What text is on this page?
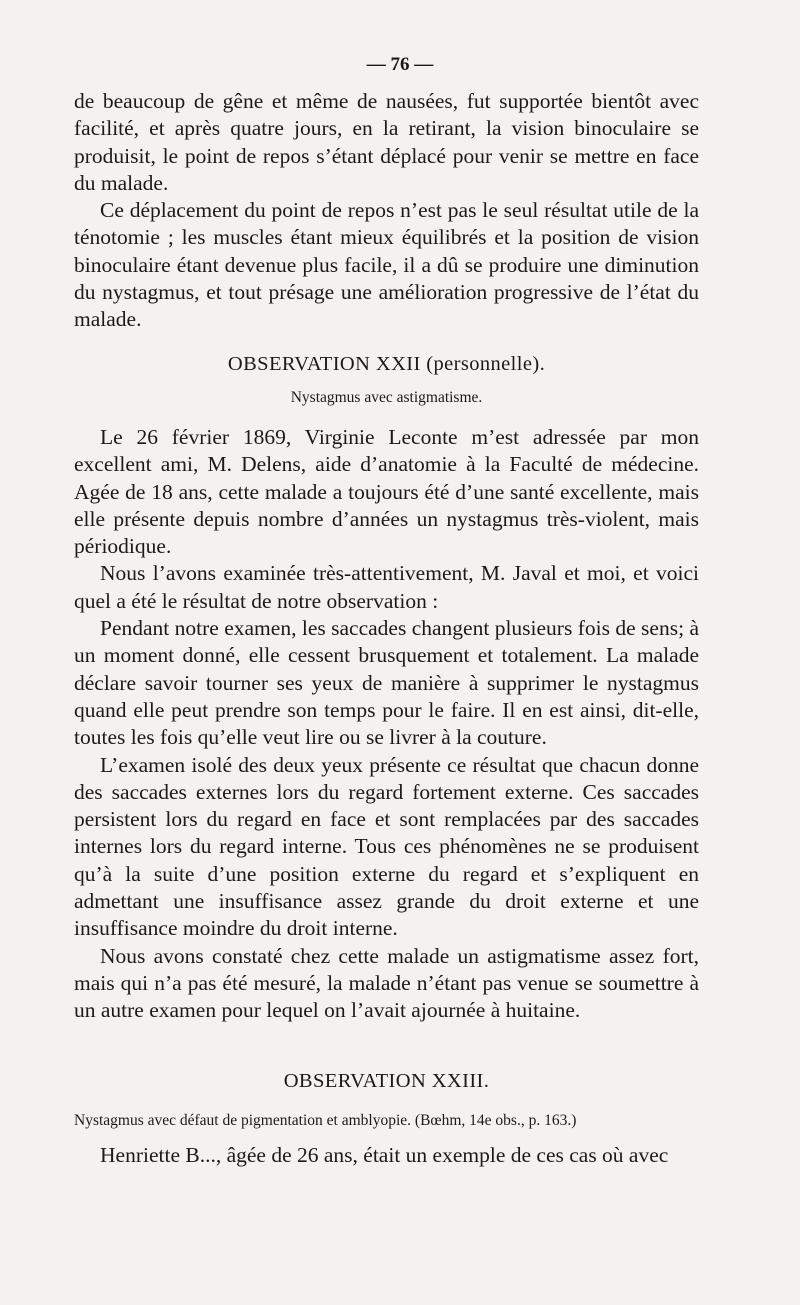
— 76 —

de beaucoup de gêne et même de nausées, fut supportée bientôt avec facilité, et après quatre jours, en la retirant, la vision binoculaire se produisit, le point de repos s’étant déplacé pour venir se mettre en face du malade.

Ce déplacement du point de repos n’est pas le seul résultat utile de la ténotomie ; les muscles étant mieux équilibrés et la position de vision binoculaire étant devenue plus facile, il a dû se produire une diminution du nystagmus, et tout présage une amélioration progressive de l’état du malade.

OBSERVATION XXII (personnelle).
Nystagmus avec astigmatisme.

Le 26 février 1869, Virginie Leconte m’est adressée par mon excellent ami, M. Delens, aide d’anatomie à la Faculté de médecine. Agée de 18 ans, cette malade a toujours été d’une santé excellente, mais elle présente depuis nombre d’années un nystagmus très-violent, mais périodique.

Nous l’avons examinée très-attentivement, M. Javal et moi, et voici quel a été le résultat de notre observation :

Pendant notre examen, les saccades changent plusieurs fois de sens; à un moment donné, elle cessent brusquement et totalement. La malade déclare savoir tourner ses yeux de manière à supprimer le nystagmus quand elle peut prendre son temps pour le faire. Il en est ainsi, dit-elle, toutes les fois qu’elle veut lire ou se livrer à la couture.

L’examen isolé des deux yeux présente ce résultat que chacun donne des saccades externes lors du regard fortement externe. Ces saccades persistent lors du regard en face et sont remplacées par des saccades internes lors du regard interne. Tous ces phénomènes ne se produisent qu’à la suite d’une position externe du regard et s’expliquent en admettant une insuffisance assez grande du droit externe et une insuffisance moindre du droit interne.

Nous avons constaté chez cette malade un astigmatisme assez fort, mais qui n’a pas été mesuré, la malade n’étant pas venue se soumettre à un autre examen pour lequel on l’avait ajournée à huitaine.

OBSERVATION XXIII.
Nystagmus avec défaut de pigmentation et amblyopie. (Bœhm, 14e obs., p. 163.)

Henriette B..., âgée de 26 ans, était un exemple de ces cas où avec
